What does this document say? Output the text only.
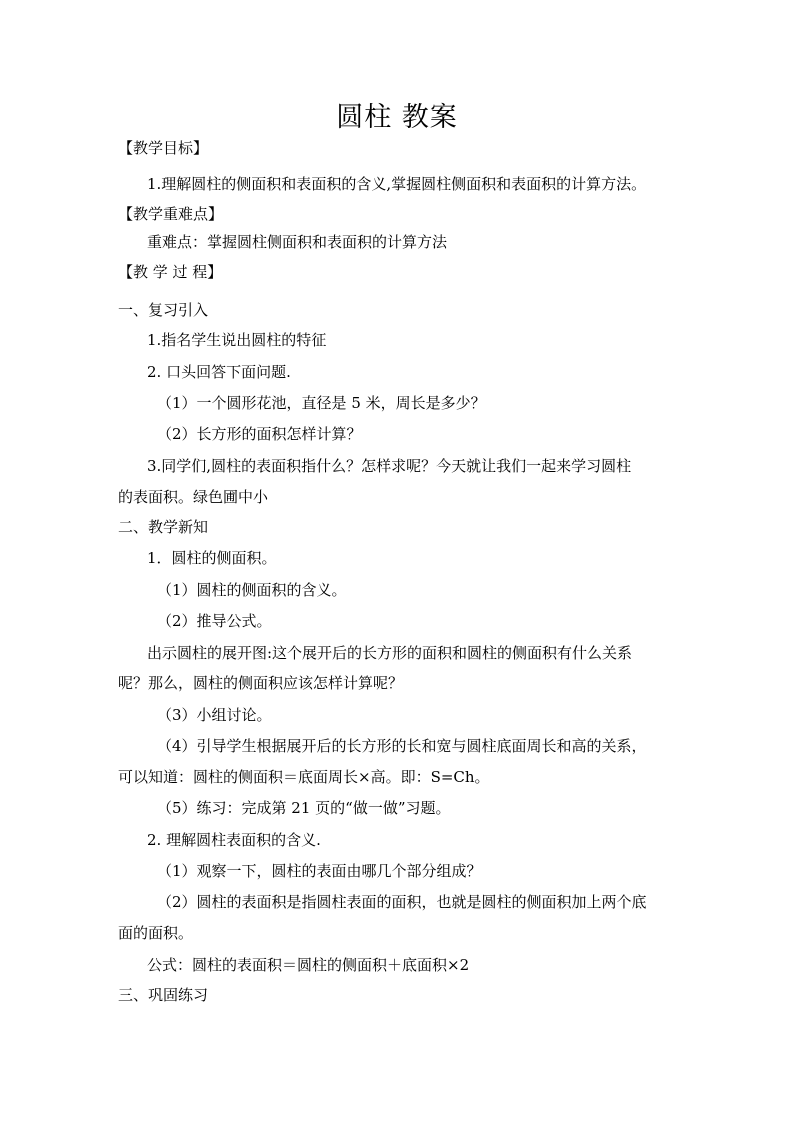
圆柱 教案
【教学目标】
1.理解圆柱的侧面积和表面积的含义,掌握圆柱侧面积和表面积的计算方法。
【教学重难点】
重难点：掌握圆柱侧面积和表面积的计算方法
【教 学 过 程】
一、复习引入
1.指名学生说出圆柱的特征
2. 口头回答下面问题.
（1）一个圆形花池，直径是 5 米，周长是多少？
（2）长方形的面积怎样计算？
3.同学们,圆柱的表面积指什么？怎样求呢？今天就让我们一起来学习圆柱
的表面积。绿色圃中小
二、教学新知
1．圆柱的侧面积。
（1）圆柱的侧面积的含义。
（2）推导公式。
出示圆柱的展开图:这个展开后的长方形的面积和圆柱的侧面积有什么关系
呢？那么，圆柱的侧面积应该怎样计算呢？
（3）小组讨论。
（4）引导学生根据展开后的长方形的长和宽与圆柱底面周长和高的关系，
可以知道：圆柱的侧面积＝底面周长×高。即：S=Ch。
（5）练习：完成第 21 页的“做一做”习题。
2. 理解圆柱表面积的含义.
（1）观察一下，圆柱的表面由哪几个部分组成？
（2）圆柱的表面积是指圆柱表面的面积，也就是圆柱的侧面积加上两个底
面的面积。
公式：圆柱的表面积＝圆柱的侧面积＋底面积×2
三、巩固练习
